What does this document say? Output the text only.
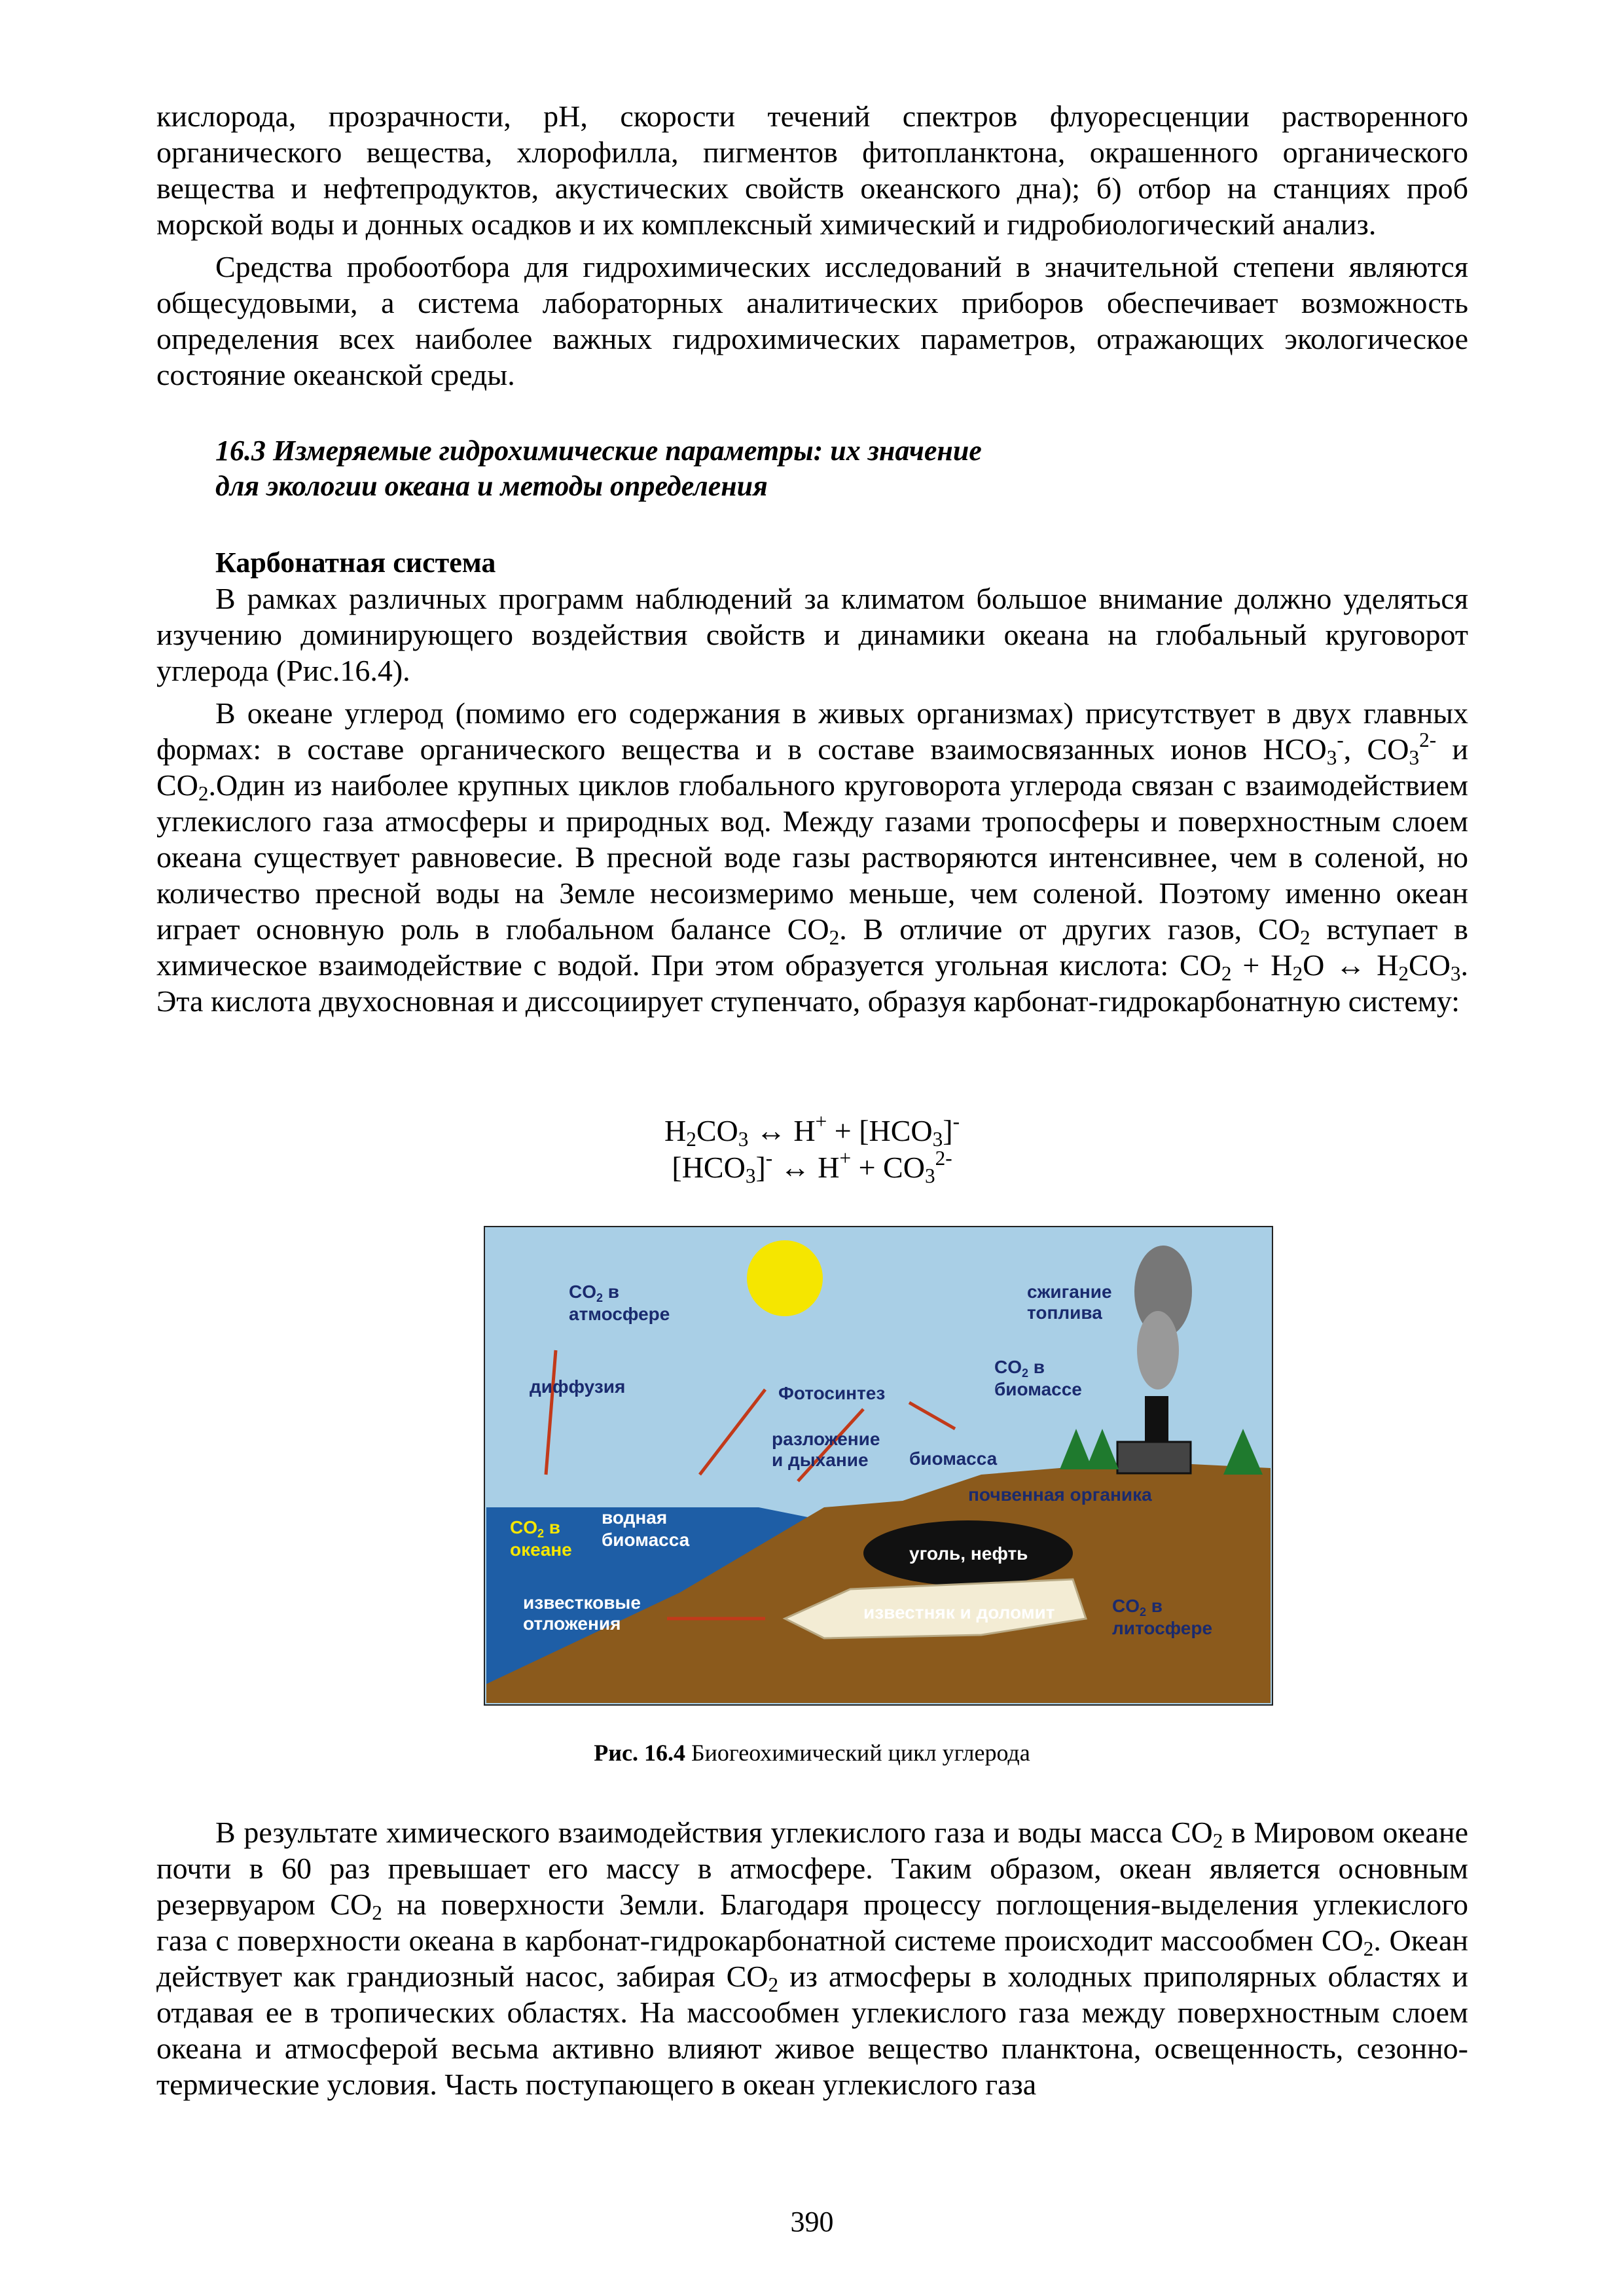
кислорода, прозрачности, pH, скорости течений спектров флуоресценции растворенного органического вещества, хлорофилла, пигментов фитопланктона, окрашенного органического вещества и нефтепродуктов, акустических свойств океанского дна); б) отбор на станциях проб морской воды и донных осадков и их комплексный химический и гидробиологический анализ.

Средства пробоотбора для гидрохимических исследований в значительной степени являются общесудовыми, а система лабораторных аналитических приборов обеспечивает возможность определения всех наиболее важных гидрохимических параметров, отражающих экологическое состояние океанской среды.

16.3 Измеряемые гидрохимические параметры: их значение
для экологии океана и методы определения
Карбонатная система

В рамках различных программ наблюдений за климатом большое внимание должно уделяться изучению доминирующего воздействия свойств и динамики океана на глобальный круговорот углерода (Рис.16.4).

В океане углерод (помимо его содержания в живых организмах) присутствует в двух главных формах: в составе органического вещества и в составе взаимосвязанных ионов $HCO_3^-$, $CO_3^{2-}$ и $CO_2.Один$ из наиболее крупных циклов глобального круговорота углерода связан с взаимодействием углекислого газа атмосферы и природных вод. Между газами тропосферы и поверхностным слоем океана существует равновесие. В пресной воде газы растворяются интенсивнее, чем в соленой, но количество пресной воды на Земле несоизмеримо меньше, чем соленой. Поэтому именно океан играет основную роль в глобальном балансе $CO_2$. В отличие от других газов, $CO_2$ вступает в химическое взаимодействие с водой. При этом образуется угольная кислота: $CO_2 + H_2O$ ↔ $H_2CO_3$. Эта кислота двухосновная и диссоциирует ступенчато, образуя карбонат-гидрокарбонатную систему:

$H_2CO_3$ ↔ $H^+ + [HCO_3]^-$
$[HCO_3]^-$ ↔ $H^+ + CO_3^{2-}$
$CO_2$ в атмосфере
диффузия	Фотосинтез
разложение и дыхание
сжигание топлива
$CO_2$ в биомассе
биомасса
почвенная органика
$CO_2$ в океане
водная биомасса
уголь, нефть
известковые отложения
известняк и доломит	$CO_2$ в литосфере
Рис. 16.4 Биогеохимический цикл углерода

В результате химического взаимодействия углекислого газа и воды масса $CO_2$ в Мировом океане почти в 60 раз превышает его массу в атмосфере. Таким образом, океан является основным резервуаром $CO_2$ на поверхности Земли. Благодаря процессу поглощения-выделения углекислого газа с поверхности океана в карбонат-гидрокарбонатной системе происходит массообмен $CO_2$. Океан действует как грандиозный насос, забирая $CO_2$ из атмосферы в холодных приполярных областях и отдавая ее в тропических областях. На массообмен углекислого газа между поверхностным слоем океана и атмосферой весьма активно влияют живое вещество планктона, освещенность, сезонно-термические условия. Часть поступающего в океан углекислого газа

390
